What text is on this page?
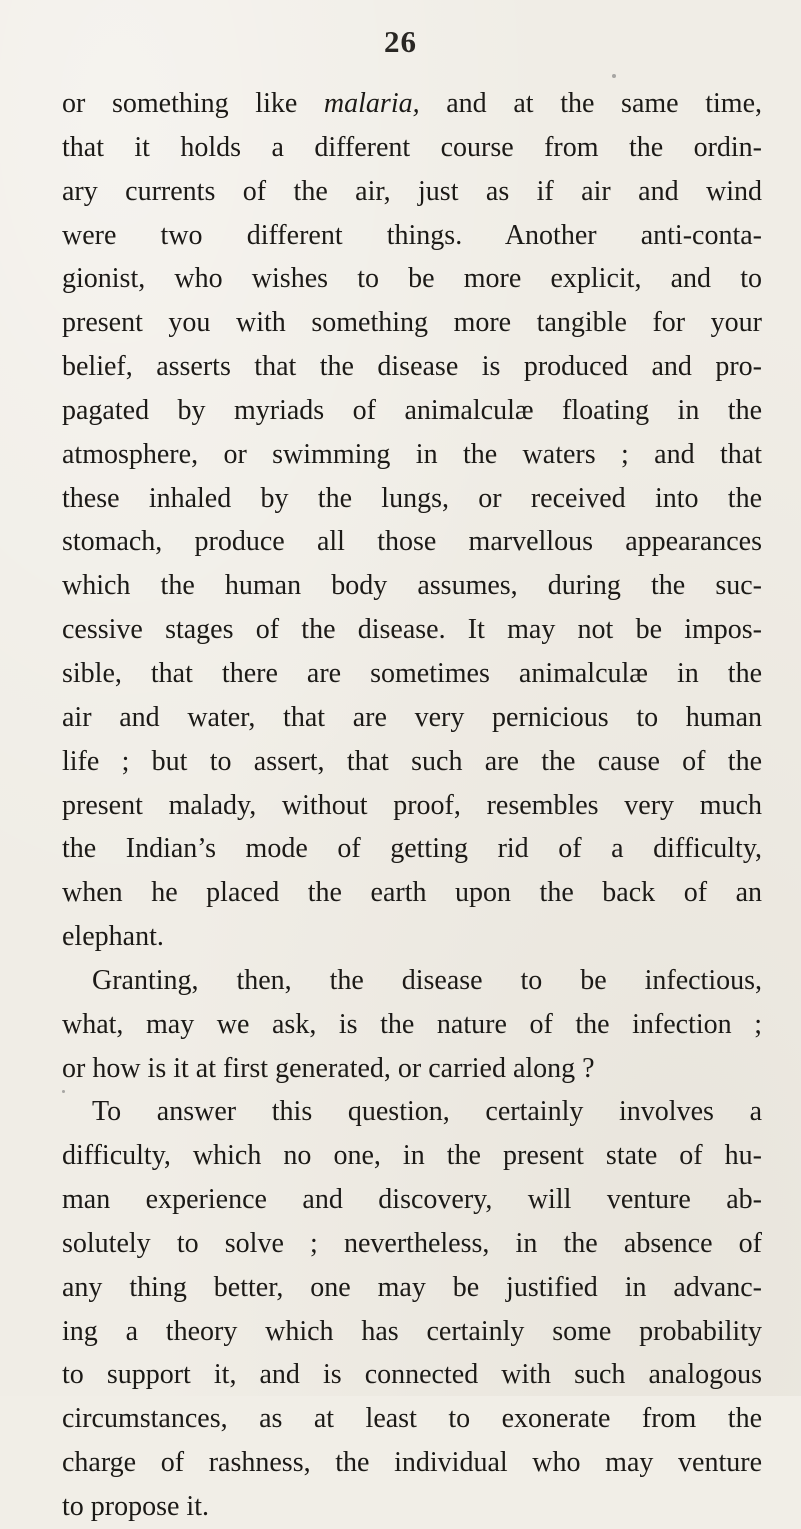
26
or something like malaria, and at the same time,
that it holds a different course from the ordin-
ary currents of the air, just as if air and wind
were two different things. Another anti-conta-
gionist, who wishes to be more explicit, and to
present you with something more tangible for your
belief, asserts that the disease is produced and pro-
pagated by myriads of animalculæ floating in the
atmosphere, or swimming in the waters ; and that
these inhaled by the lungs, or received into the
stomach, produce all those marvellous appearances
which the human body assumes, during the suc-
cessive stages of the disease. It may not be impos-
sible, that there are sometimes animalculæ in the
air and water, that are very pernicious to human
life ; but to assert, that such are the cause of the
present malady, without proof, resembles very much
the Indian’s mode of getting rid of a difficulty,
when he placed the earth upon the back of an
elephant.
Granting, then, the disease to be infectious,
what, may we ask, is the nature of the infection ;
or how is it at first generated, or carried along ?
To answer this question, certainly involves a
difficulty, which no one, in the present state of hu-
man experience and discovery, will venture ab-
solutely to solve ; nevertheless, in the absence of
any thing better, one may be justified in advanc-
ing a theory which has certainly some probability
to support it, and is connected with such analogous
circumstances, as at least to exonerate from the
charge of rashness, the individual who may venture
to propose it.
